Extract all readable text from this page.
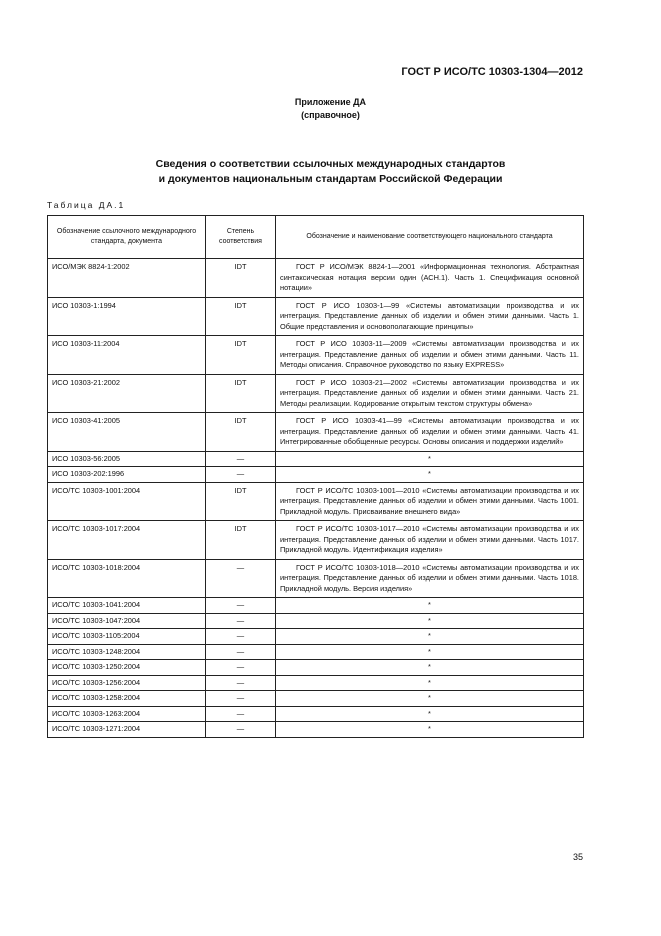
ГОСТ Р ИСО/ТС 10303-1304—2012
Приложение ДА
(справочное)
Сведения о соответствии ссылочных международных стандартов
и документов национальным стандартам Российской Федерации
Таблица ДА.1
Обозначение ссылочного международного стандарта, документа	Степень соответствия	Обозначение и наименование соответствующего национального стандарта
ИСО/МЭК 8824-1:2002	IDT	ГОСТ Р ИСО/МЭК 8824-1—2001 «Информационная технология. Абстрактная синтаксическая нотация версии один (АСН.1). Часть 1. Спецификация основной нотации»
ИСО 10303-1:1994	IDT	ГОСТ Р ИСО 10303-1—99 «Системы автоматизации производства и их интеграция. Представление данных об изделии и обмен этими данными. Часть 1. Общие представления и основополагающие принципы»
ИСО 10303-11:2004	IDT	ГОСТ Р ИСО 10303-11—2009 «Системы автоматизации производства и их интеграция. Представление данных об изделии и обмен этими данными. Часть 11. Методы описания. Справочное руководство по языку EXPRESS»
ИСО 10303-21:2002	IDT	ГОСТ Р ИСО 10303-21—2002 «Системы автоматизации производства и их интеграция. Представление данных об изделии и обмен этими данными. Часть 21. Методы реализации. Кодирование открытым текстом структуры обмена»
ИСО 10303-41:2005	IDT	ГОСТ Р ИСО 10303-41—99 «Системы автоматизации производства и их интеграция. Представление данных об изделии и обмен этими данными. Часть 41. Интегрированные обобщенные ресурсы. Основы описания и поддержки изделий»
ИСО 10303-56:2005	—	*
ИСО 10303-202:1996	—	*
ИСО/ТС 10303-1001:2004	IDT	ГОСТ Р ИСО/ТС 10303-1001—2010 «Системы автоматизации производства и их интеграция. Представление данных об изделии и обмен этими данными. Часть 1001. Прикладной модуль. Присваивание внешнего вида»
ИСО/ТС 10303-1017:2004	IDT	ГОСТ Р ИСО/ТС 10303-1017—2010 «Системы автоматизации производства и их интеграция. Представление данных об изделии и обмен этими данными. Часть 1017. Прикладной модуль. Идентификация изделия»
ИСО/ТС 10303-1018:2004	—	ГОСТ Р ИСО/ТС 10303-1018—2010 «Системы автоматизации производства и их интеграция. Представление данных об изделии и обмен этими данными. Часть 1018. Прикладной модуль. Версия изделия»
ИСО/ТС 10303-1041:2004	—	*
ИСО/ТС 10303-1047:2004	—	*
ИСО/ТС 10303-1105:2004	—	*
ИСО/ТС 10303-1248:2004	—	*
ИСО/ТС 10303-1250:2004	—	*
ИСО/ТС 10303-1256:2004	—	*
ИСО/ТС 10303-1258:2004	—	*
ИСО/ТС 10303-1263:2004	—	*
ИСО/ТС 10303-1271:2004	—	*
35
